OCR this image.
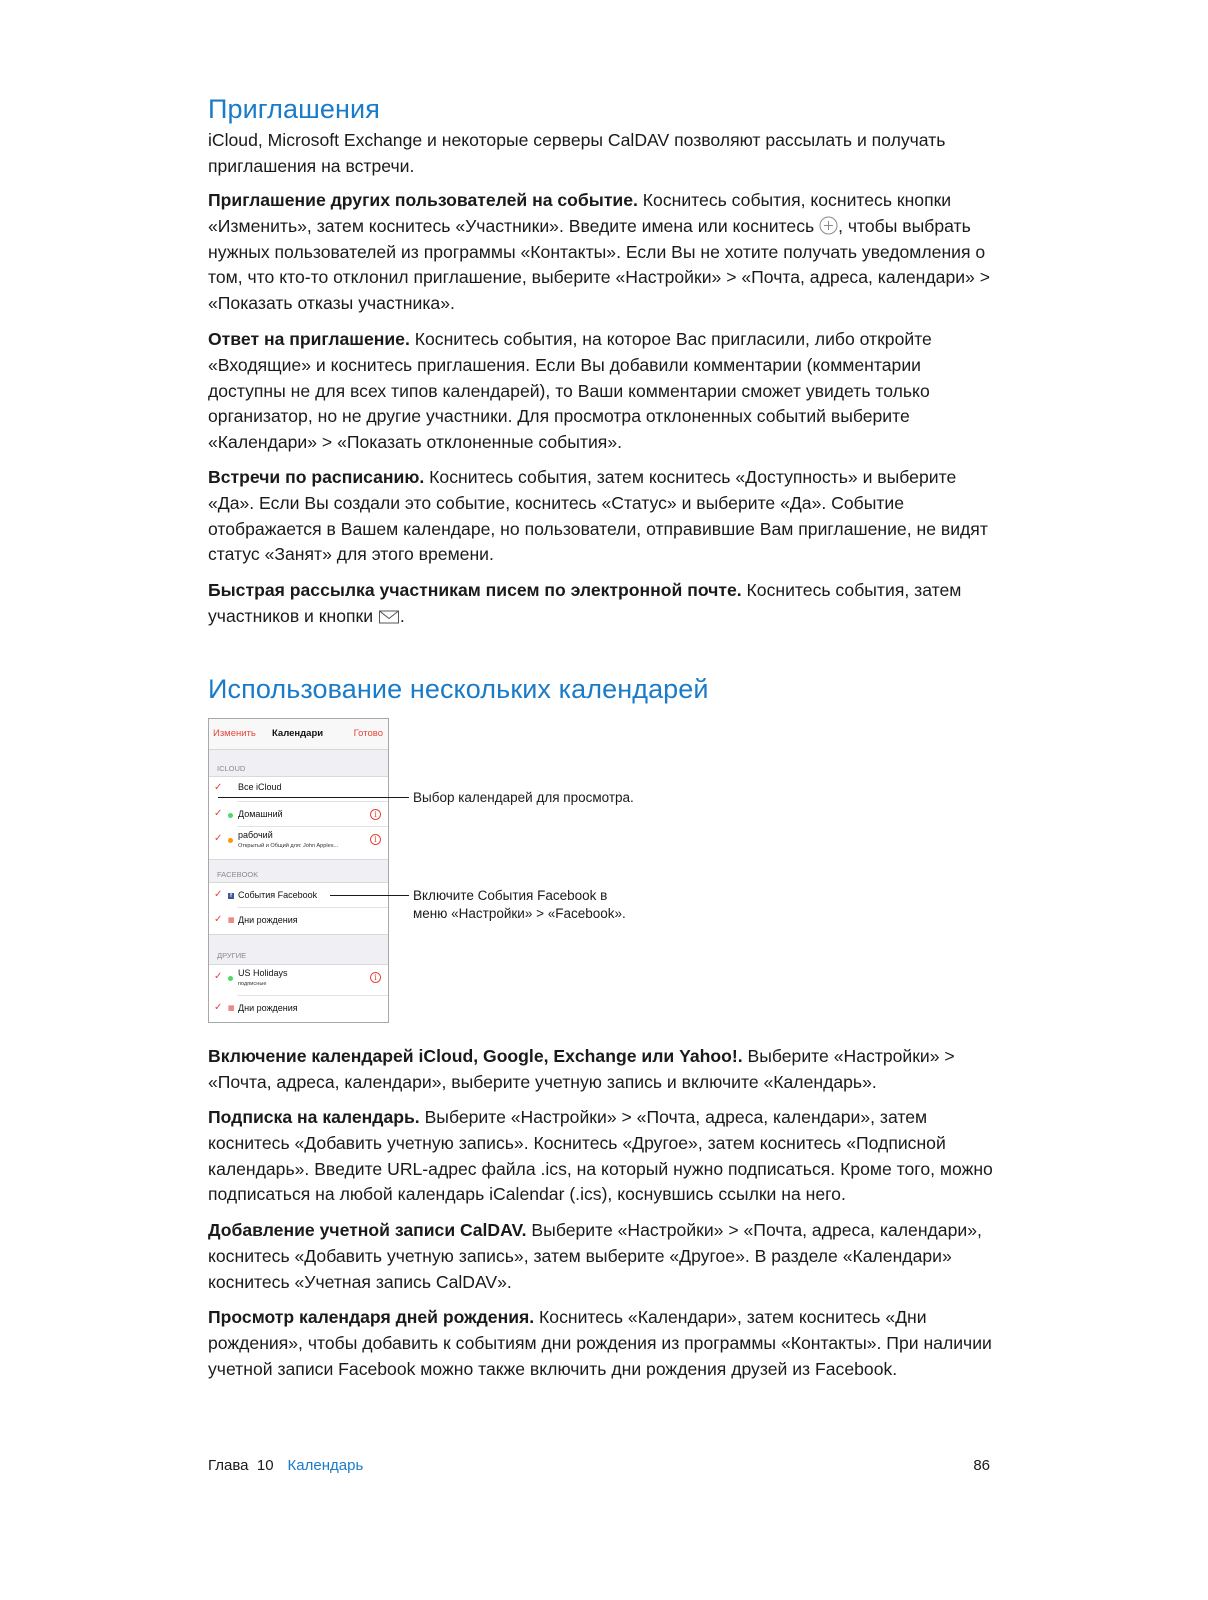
Приглашения

iCloud, Microsoft Exchange и некоторые серверы CalDAV позволяют рассылать и получать приглашения на встречи.

Приглашение других пользователей на событие. Коснитесь события, коснитесь кнопки «Изменить», затем коснитесь «Участники». Введите имена или коснитесь , чтобы выбрать нужных пользователей из программы «Контакты». Если Вы не хотите получать уведомления о том, что кто-то отклонил приглашение, выберите «Настройки» > «Почта, адреса, календари» > «Показать отказы участника».

Ответ на приглашение. Коснитесь события, на которое Вас пригласили, либо откройте «Входящие» и коснитесь приглашения. Если Вы добавили комментарии (комментарии доступны не для всех типов календарей), то Ваши комментарии сможет увидеть только организатор, но не другие участники. Для просмотра отклоненных событий выберите «Календари» > «Показать отклоненные события».

Встречи по расписанию. Коснитесь события, затем коснитесь «Доступность» и выберите «Да». Если Вы создали это событие, коснитесь «Статус» и выберите «Да». Событие отображается в Вашем календаре, но пользователи, отправившие Вам приглашение, не видят статус «Занят» для этого времени.

Быстрая рассылка участникам писем по электронной почте. Коснитесь события, затем участников и кнопки .

Использование нескольких календарей
Изменить Календари	Готово
ICLOUD
✓ Все iCloud
✓ Домашний	i
✓ рабочий
Открытый и Общий для: John Apples...
i
FACEBOOK
✓	f События Facebook
✓ ▦ Дни рождения
ДРУГИЕ
✓ US Holidays
подписные
i
✓ ▦ Дни рождения
Выбор календарей для просмотра.
Включите События Facebook в
меню «Настройки» > «Facebook».

Включение календарей iCloud, Google, Exchange или Yahoo!. Выберите «Настройки» > «Почта, адреса, календари», выберите учетную запись и включите «Календарь».

Подписка на календарь. Выберите «Настройки» > «Почта, адреса, календари», затем коснитесь «Добавить учетную запись». Коснитесь «Другое», затем коснитесь «Подписной календарь». Введите URL-адрес файла .ics, на который нужно подписаться. Кроме того, можно подписаться на любой календарь iCalendar (.ics), коснувшись ссылки на него.

Добавление учетной записи CalDAV. Выберите «Настройки» > «Почта, адреса, календари», коснитесь «Добавить учетную запись», затем выберите «Другое». В разделе «Календари» коснитесь «Учетная запись CalDAV».

Просмотр календаря дней рождения. Коснитесь «Календари», затем коснитесь «Дни рождения», чтобы добавить к событиям дни рождения из программы «Контакты». При наличии учетной записи Facebook можно также включить дни рождения друзей из Facebook.

Глава  10 Календарь	86
